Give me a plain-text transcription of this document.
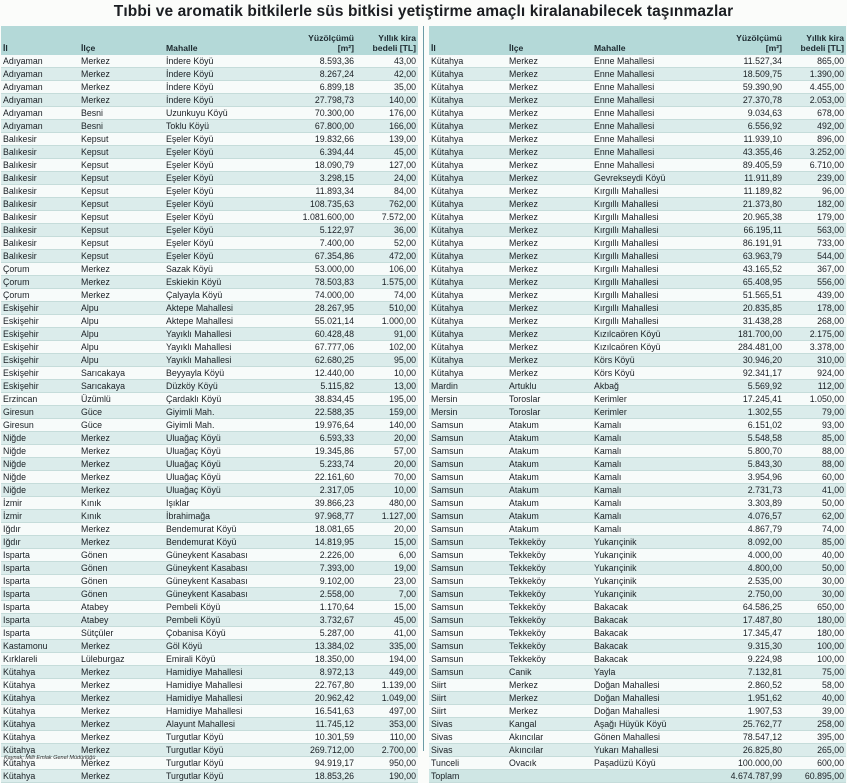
Tıbbi ve aromatik bitkilerle süs bitkisi yetiştirme amaçlı kiralanabilecek taşınmazlar
İl	İlçe	Mahalle	Yüzölçümü
[m²]	Yıllık kira
bedeli [TL]
Adıyaman	Merkez	İndere Köyü	8.593,36	43,00
Adıyaman	Merkez	İndere Köyü	8.267,24	42,00
Adıyaman	Merkez	İndere Köyü	6.899,18	35,00
Adıyaman	Merkez	İndere Köyü	27.798,73	140,00
Adıyaman	Besni	Uzunkuyu Köyü	70.300,00	176,00
Adıyaman	Besni	Toklu Köyü	67.800,00	166,00
Balıkesir	Kepsut	Eşeler Köyü	19.832,66	139,00
Balıkesir	Kepsut	Eşeler Köyü	6.394,44	45,00
Balıkesir	Kepsut	Eşeler Köyü	18.090,79	127,00
Balıkesir	Kepsut	Eşeler Köyü	3.298,15	24,00
Balıkesir	Kepsut	Eşeler Köyü	11.893,34	84,00
Balıkesir	Kepsut	Eşeler Köyü	108.735,63	762,00
Balıkesir	Kepsut	Eşeler Köyü	1.081.600,00	7.572,00
Balıkesir	Kepsut	Eşeler Köyü	5.122,97	36,00
Balıkesir	Kepsut	Eşeler Köyü	7.400,00	52,00
Balıkesir	Kepsut	Eşeler Köyü	67.354,86	472,00
Çorum	Merkez	Sazak Köyü	53.000,00	106,00
Çorum	Merkez	Eskiekin Köyü	78.503,83	1.575,00
Çorum	Merkez	Çalyayla Köyü	74.000,00	74,00
Eskişehir	Alpu	Aktepe Mahallesi	28.267,95	510,00
Eskişehir	Alpu	Aktepe Mahallesi	55.021,14	1.000,00
Eskişehir	Alpu	Yayıklı Mahallesi	60.428,48	91,00
Eskişehir	Alpu	Yayıklı Mahallesi	67.777,06	102,00
Eskişehir	Alpu	Yayıklı Mahallesi	62.680,25	95,00
Eskişehir	Sarıcakaya	Beyyayla Köyü	12.440,00	10,00
Eskişehir	Sarıcakaya	Düzköy Köyü	5.115,82	13,00
Erzincan	Üzümlü	Çardaklı Köyü	38.834,45	195,00
Giresun	Güce	Giyimli Mah.	22.588,35	159,00
Giresun	Güce	Giyimli Mah.	19.976,64	140,00
Niğde	Merkez	Uluağaç Köyü	6.593,33	20,00
Niğde	Merkez	Uluağaç Köyü	19.345,86	57,00
Niğde	Merkez	Uluağaç Köyü	5.233,74	20,00
Niğde	Merkez	Uluağaç Köyü	22.161,60	70,00
Niğde	Merkez	Uluağaç Köyü	2.317,05	10,00
İzmir	Kınık	Işıklar	39.866,23	480,00
İzmir	Kınık	İbrahimağa	97.968,77	1.127,00
Iğdır	Merkez	Bendemurat Köyü	18.081,65	20,00
Iğdır	Merkez	Bendemurat Köyü	14.819,95	15,00
Isparta	Gönen	Güneykent Kasabası	2.226,00	6,00
Isparta	Gönen	Güneykent Kasabası	7.393,00	19,00
Isparta	Gönen	Güneykent Kasabası	9.102,00	23,00
Isparta	Gönen	Güneykent Kasabası	2.558,00	7,00
Isparta	Atabey	Pembeli Köyü	1.170,64	15,00
Isparta	Atabey	Pembeli Köyü	3.732,67	45,00
Isparta	Sütçüler	Çobanisa Köyü	5.287,00	41,00
Kastamonu	Merkez	Göl Köyü	13.384,02	335,00
Kırklareli	Lüleburgaz	Emirali Köyü	18.350,00	194,00
Kütahya	Merkez	Hamidiye Mahallesi	8.972,13	449,00
Kütahya	Merkez	Hamidiye Mahallesi	22.767,80	1.139,00
Kütahya	Merkez	Hamidiye Mahallesi	20.962,42	1.049,00
Kütahya	Merkez	Hamidiye Mahallesi	16.541,63	497,00
Kütahya	Merkez	Alayunt Mahallesi	11.745,12	353,00
Kütahya	Merkez	Turgutlar Köyü	10.301,59	110,00
Kütahya	Merkez	Turgutlar Köyü	269.712,00	2.700,00
Kütahya	Merkez	Turgutlar Köyü	94.919,17	950,00
Kütahya	Merkez	Turgutlar Köyü	18.853,26	190,00
İl	İlçe	Mahalle	Yüzölçümü
[m²]	Yıllık kira
bedeli [TL]
Kütahya	Merkez	Enne Mahallesi	11.527,34	865,00
Kütahya	Merkez	Enne Mahallesi	18.509,75	1.390,00
Kütahya	Merkez	Enne Mahallesi	59.390,90	4.455,00
Kütahya	Merkez	Enne Mahallesi	27.370,78	2.053,00
Kütahya	Merkez	Enne Mahallesi	9.034,63	678,00
Kütahya	Merkez	Enne Mahallesi	6.556,92	492,00
Kütahya	Merkez	Enne Mahallesi	11.939,10	896,00
Kütahya	Merkez	Enne Mahallesi	43.355,46	3.252,00
Kütahya	Merkez	Enne Mahallesi	89.405,59	6.710,00
Kütahya	Merkez	Gevrekseydi Köyü	11.911,89	239,00
Kütahya	Merkez	Kırgıllı Mahallesi	11.189,82	96,00
Kütahya	Merkez	Kırgıllı Mahallesi	21.373,80	182,00
Kütahya	Merkez	Kırgıllı Mahallesi	20.965,38	179,00
Kütahya	Merkez	Kırgıllı Mahallesi	66.195,11	563,00
Kütahya	Merkez	Kırgıllı Mahallesi	86.191,91	733,00
Kütahya	Merkez	Kırgıllı Mahallesi	63.963,79	544,00
Kütahya	Merkez	Kırgıllı Mahallesi	43.165,52	367,00
Kütahya	Merkez	Kırgıllı Mahallesi	65.408,95	556,00
Kütahya	Merkez	Kırgıllı Mahallesi	51.565,51	439,00
Kütahya	Merkez	Kırgıllı Mahallesi	20.835,85	178,00
Kütahya	Merkez	Kırgıllı Mahallesi	31.438,28	268,00
Kütahya	Merkez	Kızılcaören Köyü	181.700,00	2.175,00
Kütahya	Merkez	Kızılcaören Köyü	284.481,00	3.378,00
Kütahya	Merkez	Körs Köyü	30.946,20	310,00
Kütahya	Merkez	Körs Köyü	92.341,17	924,00
Mardin	Artuklu	Akbağ	5.569,92	112,00
Mersin	Toroslar	Kerimler	17.245,41	1.050,00
Mersin	Toroslar	Kerimler	1.302,55	79,00
Samsun	Atakum	Kamalı	6.151,02	93,00
Samsun	Atakum	Kamalı	5.548,58	85,00
Samsun	Atakum	Kamalı	5.800,70	88,00
Samsun	Atakum	Kamalı	5.843,30	88,00
Samsun	Atakum	Kamalı	3.954,96	60,00
Samsun	Atakum	Kamalı	2.731,73	41,00
Samsun	Atakum	Kamalı	3.303,89	50,00
Samsun	Atakum	Kamalı	4.076,57	62,00
Samsun	Atakum	Kamalı	4.867,79	74,00
Samsun	Tekkeköy	Yukarıçinik	8.092,00	85,00
Samsun	Tekkeköy	Yukarıçinik	4.000,00	40,00
Samsun	Tekkeköy	Yukarıçinik	4.800,00	50,00
Samsun	Tekkeköy	Yukarıçinik	2.535,00	30,00
Samsun	Tekkeköy	Yukarıçinik	2.750,00	30,00
Samsun	Tekkeköy	Bakacak	64.586,25	650,00
Samsun	Tekkeköy	Bakacak	17.487,80	180,00
Samsun	Tekkeköy	Bakacak	17.345,47	180,00
Samsun	Tekkeköy	Bakacak	9.315,30	100,00
Samsun	Tekkeköy	Bakacak	9.224,98	100,00
Samsun	Canik	Yayla	7.132,81	75,00
Siirt	Merkez	Doğan Mahallesi	2.860,52	58,00
Siirt	Merkez	Doğan Mahallesi	1.951,62	40,00
Siirt	Merkez	Doğan Mahallesi	1.907,53	39,00
Sivas	Kangal	Aşağı Hüyük Köyü	25.762,77	258,00
Sivas	Akıncılar	Gönen Mahallesi	78.547,12	395,00
Sivas	Akıncılar	Yukarı Mahallesi	26.825,80	265,00
Tunceli	Ovacık	Paşadüzü Köyü	100.000,00	600,00
Toplam			4.674.787,99	60.895,00
Kaynak: Milli Emlak Genel Müdürlüğü
